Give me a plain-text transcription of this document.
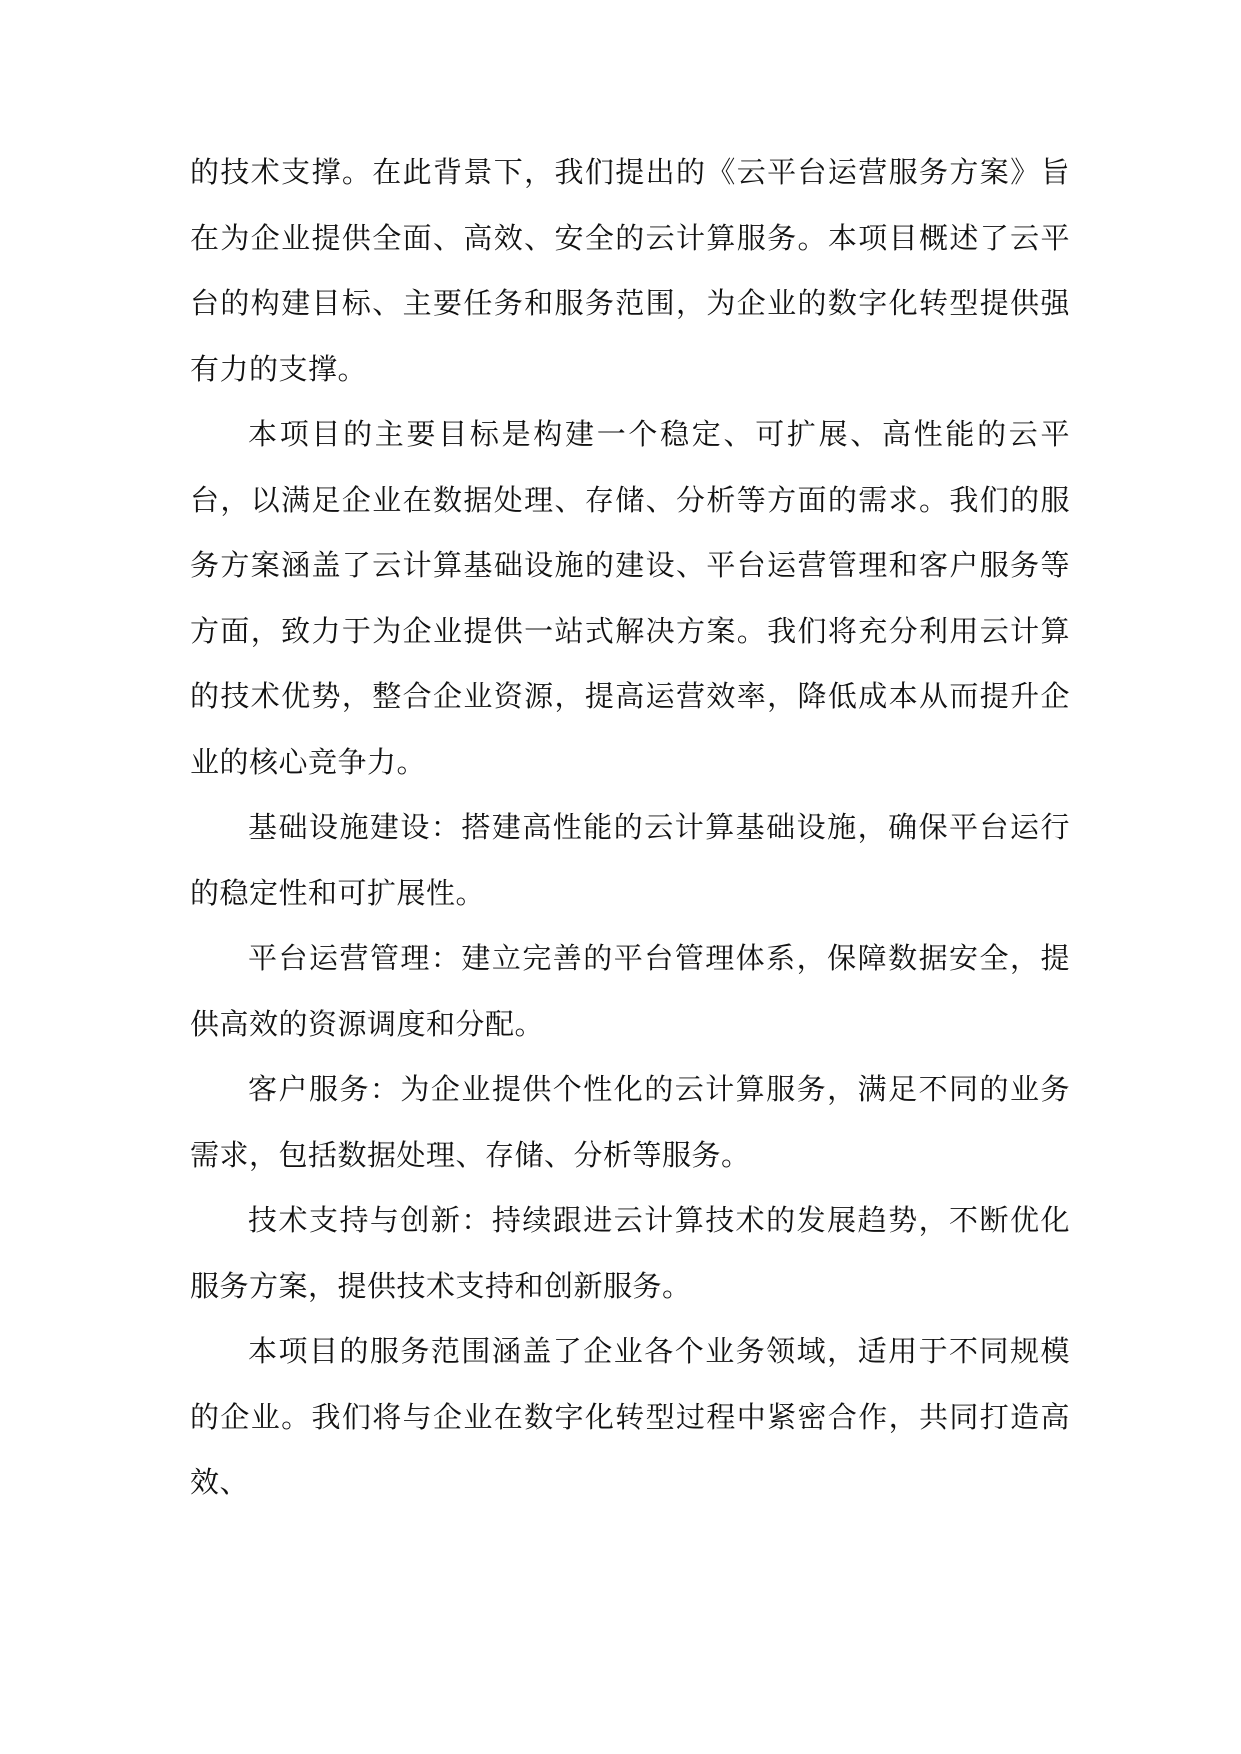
的技术支撑。在此背景下，我们提出的《云平台运营服务方案》旨在为企业提供全面、高效、安全的云计算服务。本项目概述了云平台的构建目标、主要任务和服务范围，为企业的数字化转型提供强有力的支撑。

本项目的主要目标是构建一个稳定、可扩展、高性能的云平台，以满足企业在数据处理、存储、分析等方面的需求。我们的服务方案涵盖了云计算基础设施的建设、平台运营管理和客户服务等方面，致力于为企业提供一站式解决方案。我们将充分利用云计算的技术优势，整合企业资源，提高运营效率，降低成本从而提升企业的核心竞争力。

基础设施建设：搭建高性能的云计算基础设施，确保平台运行的稳定性和可扩展性。

平台运营管理：建立完善的平台管理体系，保障数据安全，提供高效的资源调度和分配。

客户服务：为企业提供个性化的云计算服务，满足不同的业务需求，包括数据处理、存储、分析等服务。

技术支持与创新：持续跟进云计算技术的发展趋势，不断优化服务方案，提供技术支持和创新服务。

本项目的服务范围涵盖了企业各个业务领域，适用于不同规模的企业。我们将与企业在数字化转型过程中紧密合作，共同打造高效、
